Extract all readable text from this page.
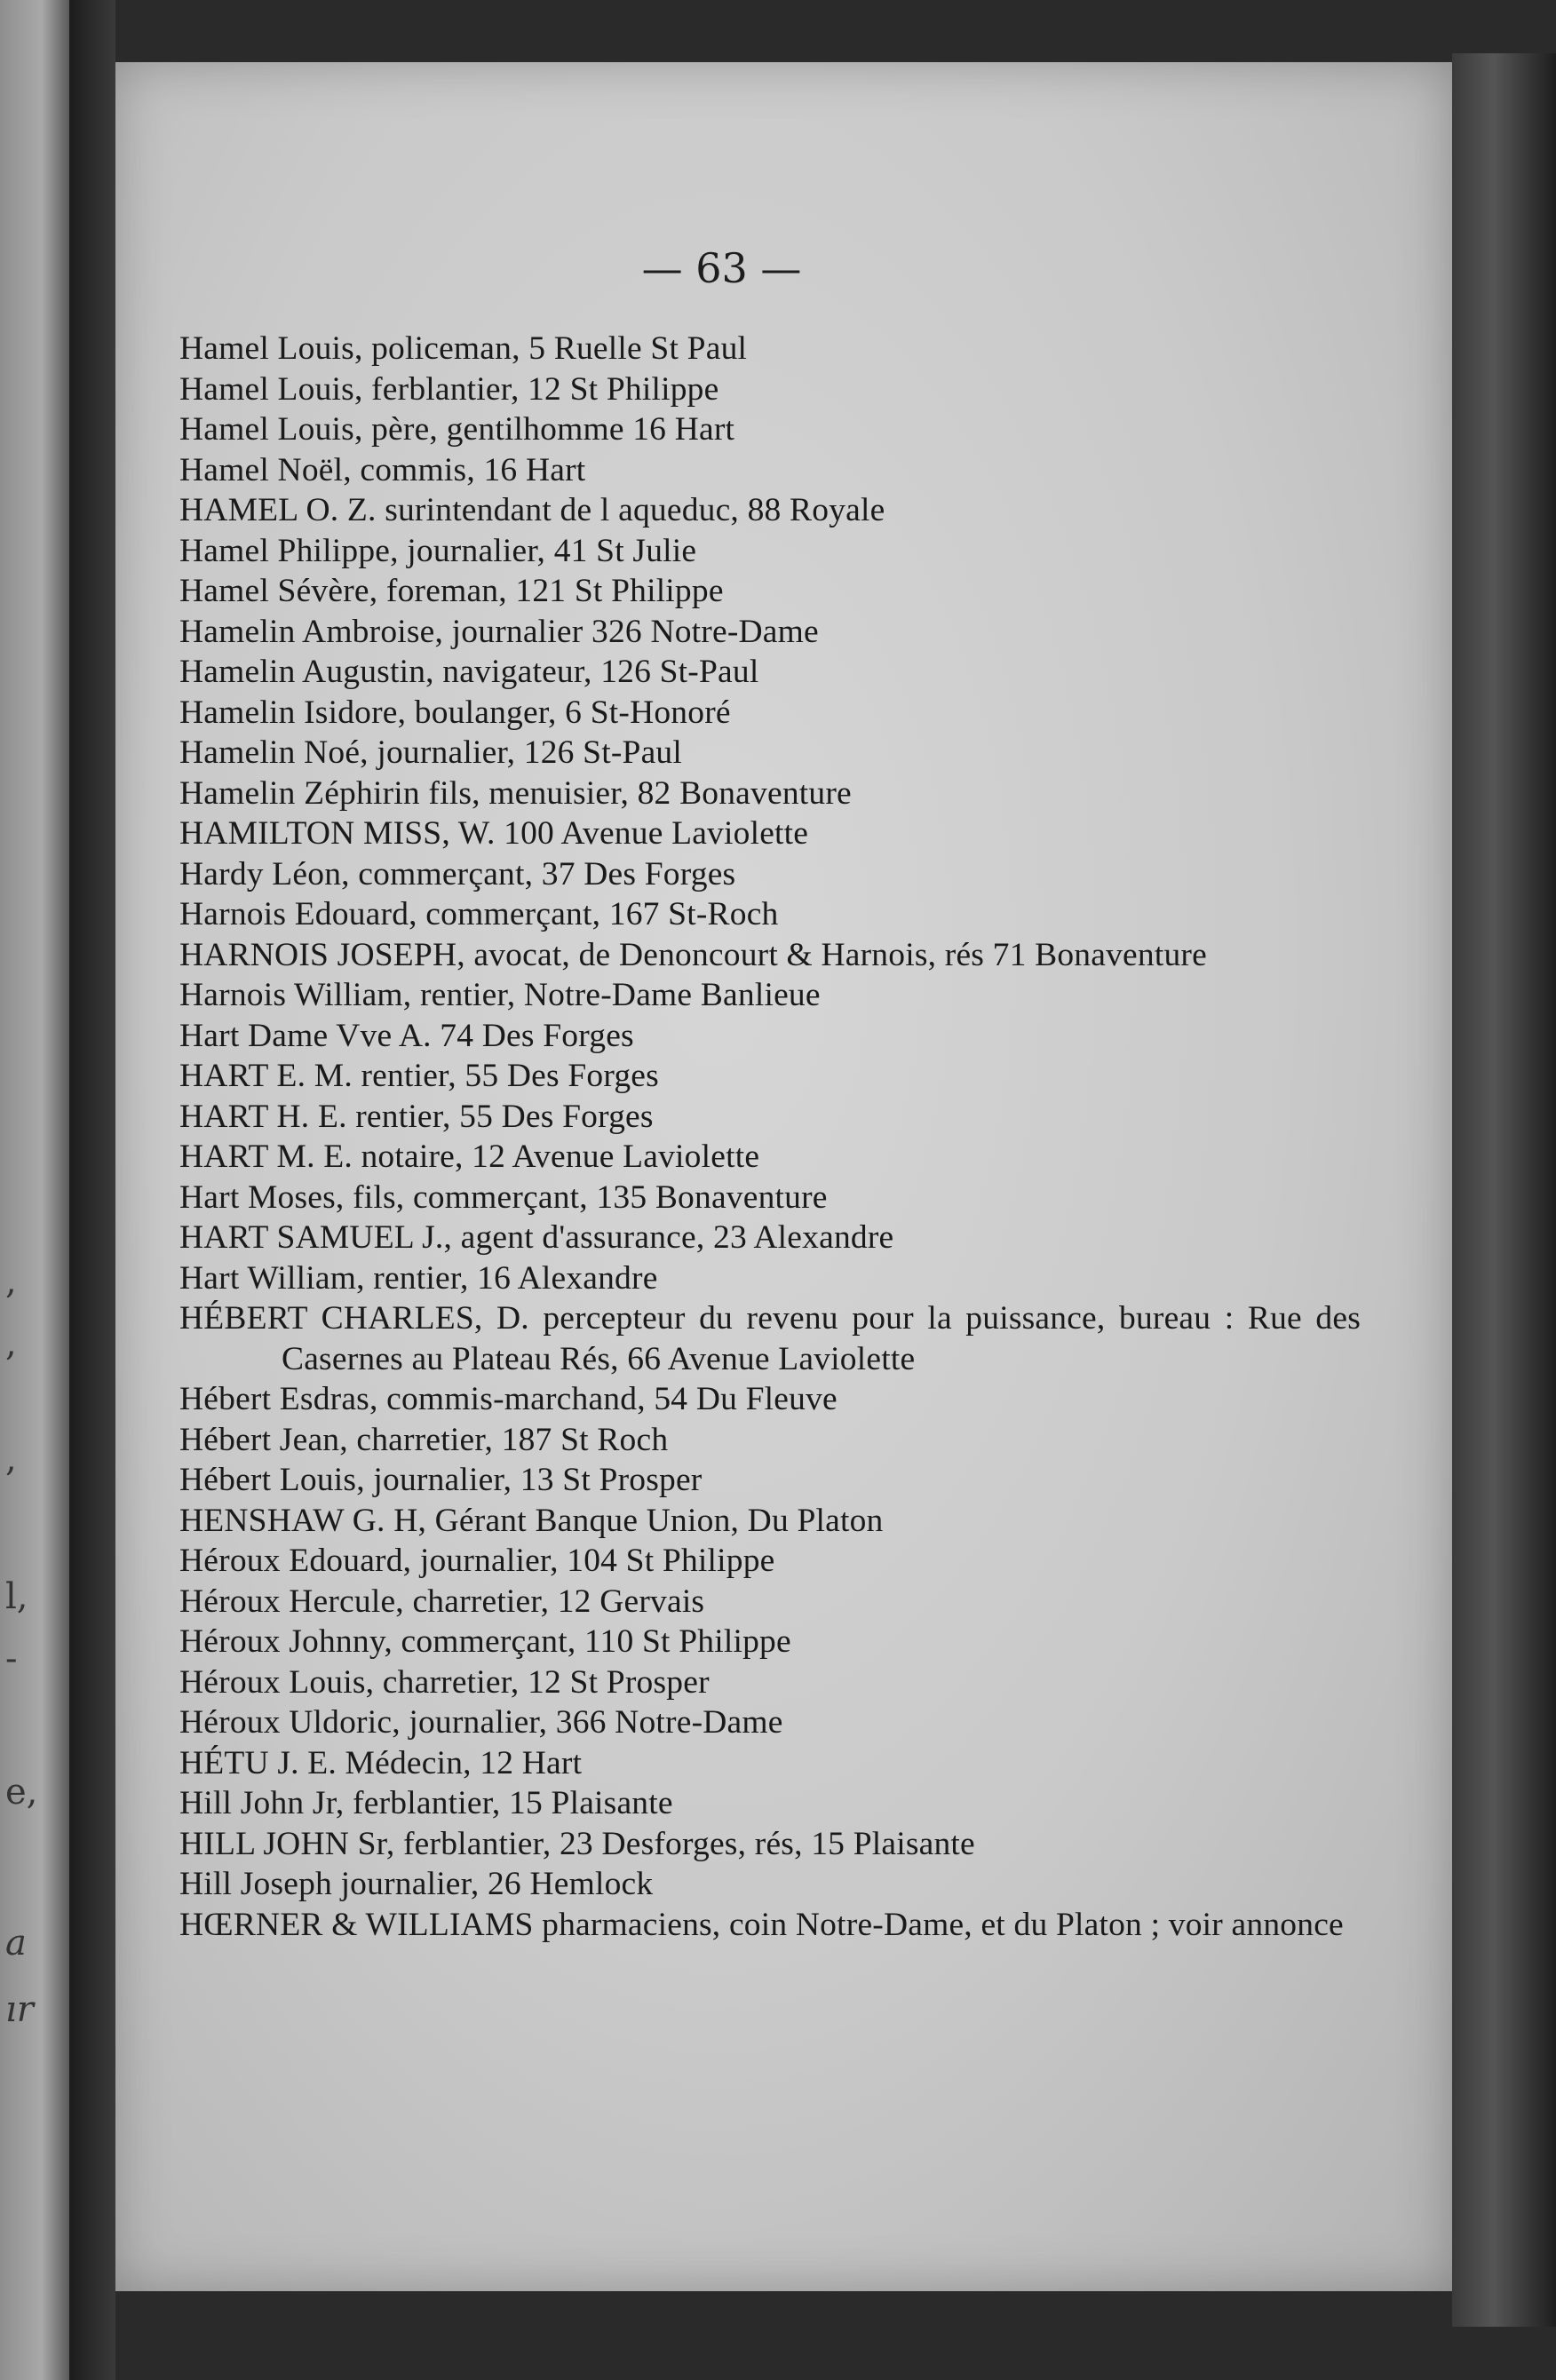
,
,
,
l,
-
e,
a
ır
— 63 —
Hamel Louis, policeman, 5 Ruelle St Paul
Hamel Louis, ferblantier, 12 St Philippe
Hamel Louis, père, gentilhomme 16 Hart
Hamel Noël, commis, 16 Hart
HAMEL O. Z. surintendant de l aqueduc, 88 Royale
Hamel Philippe, journalier, 41 St Julie
Hamel Sévère, foreman, 121 St Philippe
Hamelin Ambroise, journalier 326 Notre-Dame
Hamelin Augustin, navigateur, 126 St-Paul
Hamelin Isidore, boulanger, 6 St-Honoré
Hamelin Noé, journalier, 126 St-Paul
Hamelin Zéphirin fils, menuisier, 82 Bonaventure
HAMILTON MISS, W. 100 Avenue Laviolette
Hardy Léon, commerçant, 37 Des Forges
Harnois Edouard, commerçant, 167 St-Roch
HARNOIS JOSEPH, avocat, de Denoncourt & Harnois, rés 71 Bonaventure
Harnois William, rentier, Notre-Dame Banlieue
Hart Dame Vve A. 74 Des Forges
HART E. M. rentier, 55 Des Forges
HART H. E. rentier, 55 Des Forges
HART M. E. notaire, 12 Avenue Laviolette
Hart Moses, fils, commerçant, 135 Bonaventure
HART SAMUEL J., agent d'assurance, 23 Alexandre
Hart William, rentier, 16 Alexandre
HÉBERT CHARLES, D. percepteur du revenu pour la puissance, bureau : Rue des Casernes au Plateau Rés, 66 Avenue Laviolette
Hébert Esdras, commis-marchand, 54 Du Fleuve
Hébert Jean, charretier, 187 St Roch
Hébert Louis, journalier, 13 St Prosper
HENSHAW G. H, Gérant Banque Union, Du Platon
Héroux Edouard, journalier, 104 St Philippe
Héroux Hercule, charretier, 12 Gervais
Héroux Johnny, commerçant, 110 St Philippe
Héroux Louis, charretier, 12 St Prosper
Héroux Uldoric, journalier, 366 Notre-Dame
HÉTU J. E. Médecin, 12 Hart
Hill John Jr, ferblantier, 15 Plaisante
HILL JOHN Sr, ferblantier, 23 Desforges, rés, 15 Plaisante
Hill Joseph journalier, 26 Hemlock
HŒRNER & WILLIAMS pharmaciens, coin Notre-Dame, et du Platon ; voir annonce
